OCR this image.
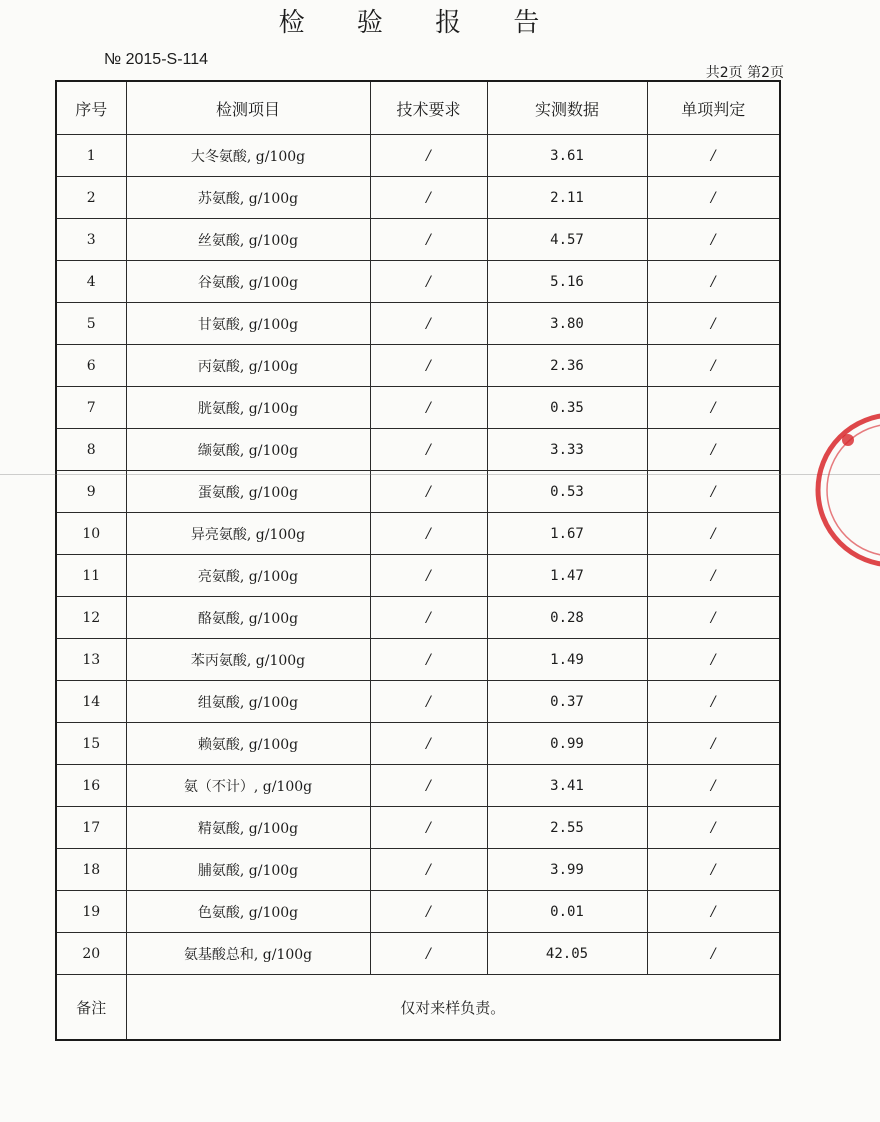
检 验 报 告
№ 2015-S-114
共2页 第2页
序号	检测项目	技术要求	实测数据	单项判定
1	大冬氨酸, g/100g	/	3.61	/
2	苏氨酸, g/100g	/	2.11	/
3	丝氨酸, g/100g	/	4.57	/
4	谷氨酸, g/100g	/	5.16	/
5	甘氨酸, g/100g	/	3.80	/
6	丙氨酸, g/100g	/	2.36	/
7	胱氨酸, g/100g	/	0.35	/
8	缬氨酸, g/100g	/	3.33	/
9	蛋氨酸, g/100g	/	0.53	/
10	异亮氨酸, g/100g	/	1.67	/
11	亮氨酸, g/100g	/	1.47	/
12	酪氨酸, g/100g	/	0.28	/
13	苯丙氨酸, g/100g	/	1.49	/
14	组氨酸, g/100g	/	0.37	/
15	赖氨酸, g/100g	/	0.99	/
16	氨（不计）, g/100g	/	3.41	/
17	精氨酸, g/100g	/	2.55	/
18	脯氨酸, g/100g	/	3.99	/
19	色氨酸, g/100g	/	0.01	/
20	氨基酸总和, g/100g	/	42.05	/
备注	仅对来样负责。			
